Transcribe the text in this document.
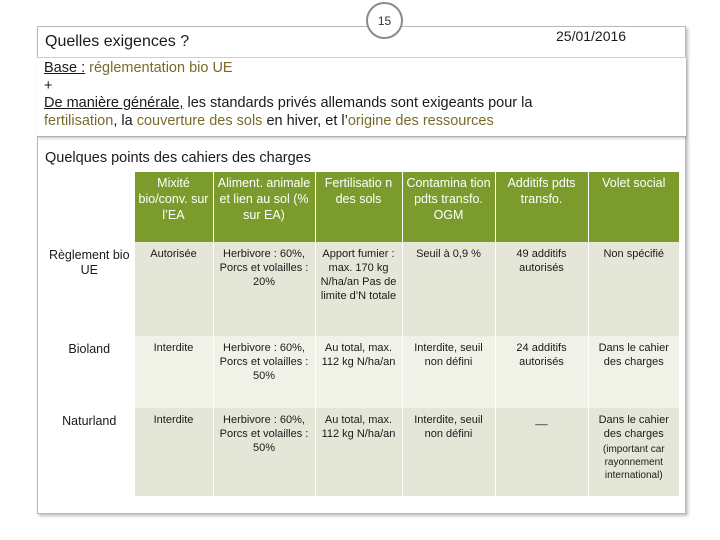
15
Quelles exigences ?	25/01/2016
Base : réglementation bio UE
+
De manière générale, les standards privés allemands sont exigeants pour la
fertilisation, la couverture des sols en hiver, et l’origine des ressources
Quelques points des cahiers des charges
	Mixité bio/conv. sur l’EA	Aliment. animale et lien au sol (% sur EA)	Fertilisatio n des sols	Contamina tion pdts transfo. OGM	Additifs pdts transfo.	Volet social
Règlement bio UE	Autorisée	Herbivore : 60%, Porcs et volailles : 20%	Apport fumier : max. 170 kg N/ha/an Pas de limite d’N totale	Seuil à 0,9 %	49 additifs autorisés	Non spécifié
Bioland	Interdite	Herbivore : 60%, Porcs et volailles : 50%	Au total, max. 112 kg N/ha/an	Interdite, seuil non défini	24 additifs autorisés	Dans le cahier des charges
Naturland	Interdite	Herbivore : 60%, Porcs et volailles : 50%	Au total, max. 112 kg N/ha/an	Interdite, seuil non défini	__	Dans le cahier des charges
(important car rayonnement international)
